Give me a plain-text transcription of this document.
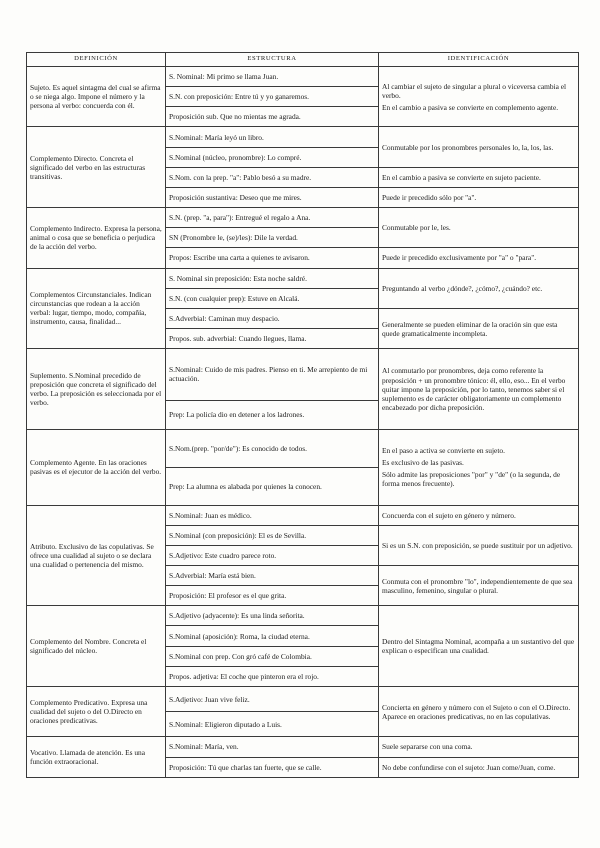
DEFINICIÓN	ESTRUCTURA	IDENTIFICACIÓN
Sujeto. Es aquel sintagma del cual se afirma o se niega algo. Impone el número y la persona al verbo: concuerda con él.	S. Nominal: Mi primo se llama Juan.	Al cambiar el sujeto de singular a plural o viceversa cambia el verbo.
En el cambio a pasiva se convierte en complemento agente.

	S.N. con preposición: Entre tú y yo ganaremos.	
	Proposición sub. Que no mientas me agrada.	
Complemento Directo. Concreta el significado del verbo en las estructuras transitivas.	S.Nominal: María leyó un libro.	Conmutable por los pronombres personales lo, la, los, las.
	S.Nominal (núcleo, pronombre): Lo compré.	
	S.Nom. con la prep. "a": Pablo besó a su madre.	En el cambio a pasiva se convierte en sujeto paciente.
	Proposición sustantiva: Deseo que me mires.	Puede ir precedido sólo por "a".
Complemento Indirecto. Expresa la persona, animal o cosa que se beneficia o perjudica de la acción del verbo.	S.N. (prep. "a, para"): Entregué el regalo a Ana.	Conmutable por le, les.
	SN (Pronombre le, (se)/les): Dile la verdad.	
	Propos: Escribe una carta a quienes te avisaron.	Puede ir precedido exclusivamente por "a" o "para".
Complementos Circunstanciales. Indican circunstancias que rodean a la acción verbal: lugar, tiempo, modo, compañía, instrumento, causa, finalidad...	S. Nominal sin preposición: Esta noche saldré.	Preguntando al verbo ¿dónde?, ¿cómo?, ¿cuándo? etc.
	S.N. (con cualquier prep): Estuve en Alcalá.	
	S.Adverbial: Caminan muy despacio.	Generalmente se pueden eliminar de la oración sin que esta quede gramaticalmente incompleta.
	Propos. sub. adverbial: Cuando llegues, llama.	
Suplemento. S.Nominal precedido de preposición que concreta el significado del verbo. La preposición es seleccionada por el verbo.	S.Nominal: Cuido de mis padres. Pienso en ti. Me arrepiento de mi actuación.	Al conmutarlo por pronombres, deja como referente la preposición + un pronombre tónico: él, ello, eso... En el verbo quitar impone la preposición, por lo tanto, tenemos saber si el suplemento es de carácter obligatoriamente un complemento encabezado por dicha preposición.
	Prep: La policía dio en detener a los ladrones.	
Complemento Agente. En las oraciones pasivas es el ejecutor de la acción del verbo.	S.Nom.(prep. "por/de"): Es conocido de todos.	En el paso a activa se convierte en sujeto.
Es exclusivo de las pasivas.
Sólo admite las preposiciones "por" y "de" (o la segunda, de forma menos frecuente).

	Prep: La alumna es alabada por quienes la conocen.	
Atributo. Exclusivo de las copulativas. Se ofrece una cualidad al sujeto o se declara una cualidad o pertenencia del mismo.	S.Nominal: Juan es médico.	Concuerda con el sujeto en género y número.
	S.Nominal (con preposición): El es de Sevilla.	Si es un S.N. con preposición, se puede sustituir por un adjetivo.
	S.Adjetivo: Este cuadro parece roto.	
	S.Adverbial: María está bien.	Conmuta con el pronombre "lo", independientemente de que sea masculino, femenino, singular o plural.
	Proposición: El profesor es el que grita.	
Complemento del Nombre. Concreta el significado del núcleo.	S.Adjetivo (adyacente): Es una linda señorita.	Dentro del Sintagma Nominal, acompaña a un sustantivo del que explican o especifican una cualidad.
	S.Nominal (aposición): Roma, la ciudad eterna.	
	S.Nominal con prep. Con gró café de Colombia.	
	Propos. adjetiva: El coche que pinteron era el rojo.	
Complemento Predicativo. Expresa una cualidad del sujeto o del O.Directo en oraciones predicativas.	S.Adjetivo: Juan vive feliz.	Concierta en género y número con el Sujeto o con el O.Directo. Aparece en oraciones predicativas, no en las copulativas.
	S.Nominal: Eligieron diputado a Luis.	
Vocativo. Llamada de atención. Es una función extraoracional.	S.Nominal: María, ven.	Suele separarse con una coma.
	Proposición: Tú que charlas tan fuerte, que se calle.	No debe confundirse con el sujeto: Juan come/Juan, come.
